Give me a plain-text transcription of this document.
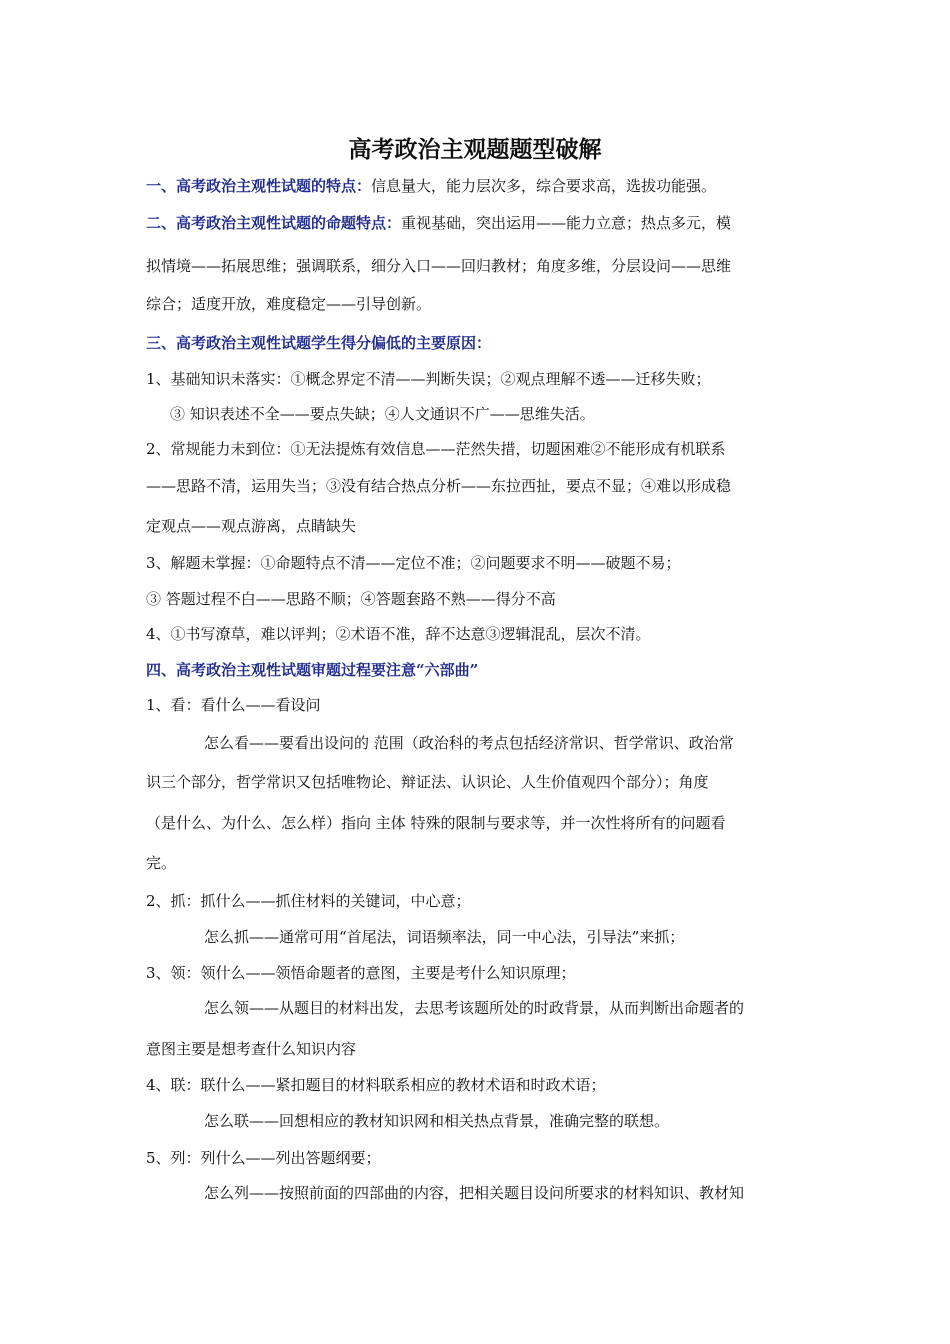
高考政治主观题题型破解
一、高考政治主观性试题的特点：信息量大，能力层次多，综合要求高，选拔功能强。
二、高考政治主观性试题的命题特点：重视基础，突出运用——能力立意；热点多元，模
拟情境——拓展思维；强调联系，细分入口——回归教材；角度多维，分层设问——思维
综合；适度开放，难度稳定——引导创新。
三、高考政治主观性试题学生得分偏低的主要原因：
1、基础知识未落实：①概念界定不清——判断失误；②观点理解不透——迁移失败；
③ 知识表述不全——要点失缺；④人文通识不广——思维失活。
2、常规能力未到位：①无法提炼有效信息——茫然失措，切题困难②不能形成有机联系
——思路不清，运用失当；③没有结合热点分析——东拉西扯，要点不显；④难以形成稳
定观点——观点游离，点睛缺失
3、解题未掌握：①命题特点不清——定位不准；②问题要求不明——破题不易；
③ 答题过程不白——思路不顺；④答题套路不熟——得分不高
4、①书写潦草，难以评判；②术语不准，辞不达意③逻辑混乱，层次不清。
四、高考政治主观性试题审题过程要注意“六部曲”
1、看：看什么——看设问
怎么看——要看出设问的 范围（政治科的考点包括经济常识、哲学常识、政治常
识三个部分，哲学常识又包括唯物论、辩证法、认识论、人生价值观四个部分）；角度
（是什么、为什么、怎么样）指向 主体 特殊的限制与要求等，并一次性将所有的问题看
完。
2、抓：抓什么——抓住材料的关键词，中心意；
怎么抓——通常可用“首尾法，词语频率法，同一中心法，引导法”来抓；
3、领：领什么——领悟命题者的意图，主要是考什么知识原理；
怎么领——从题目的材料出发，去思考该题所处的时政背景，从而判断出命题者的
意图主要是想考查什么知识内容
4、联：联什么——紧扣题目的材料联系相应的教材术语和时政术语；
怎么联——回想相应的教材知识网和相关热点背景，准确完整的联想。
5、列：列什么——列出答题纲要；
怎么列——按照前面的四部曲的内容，把相关题目设问所要求的材料知识、教材知
